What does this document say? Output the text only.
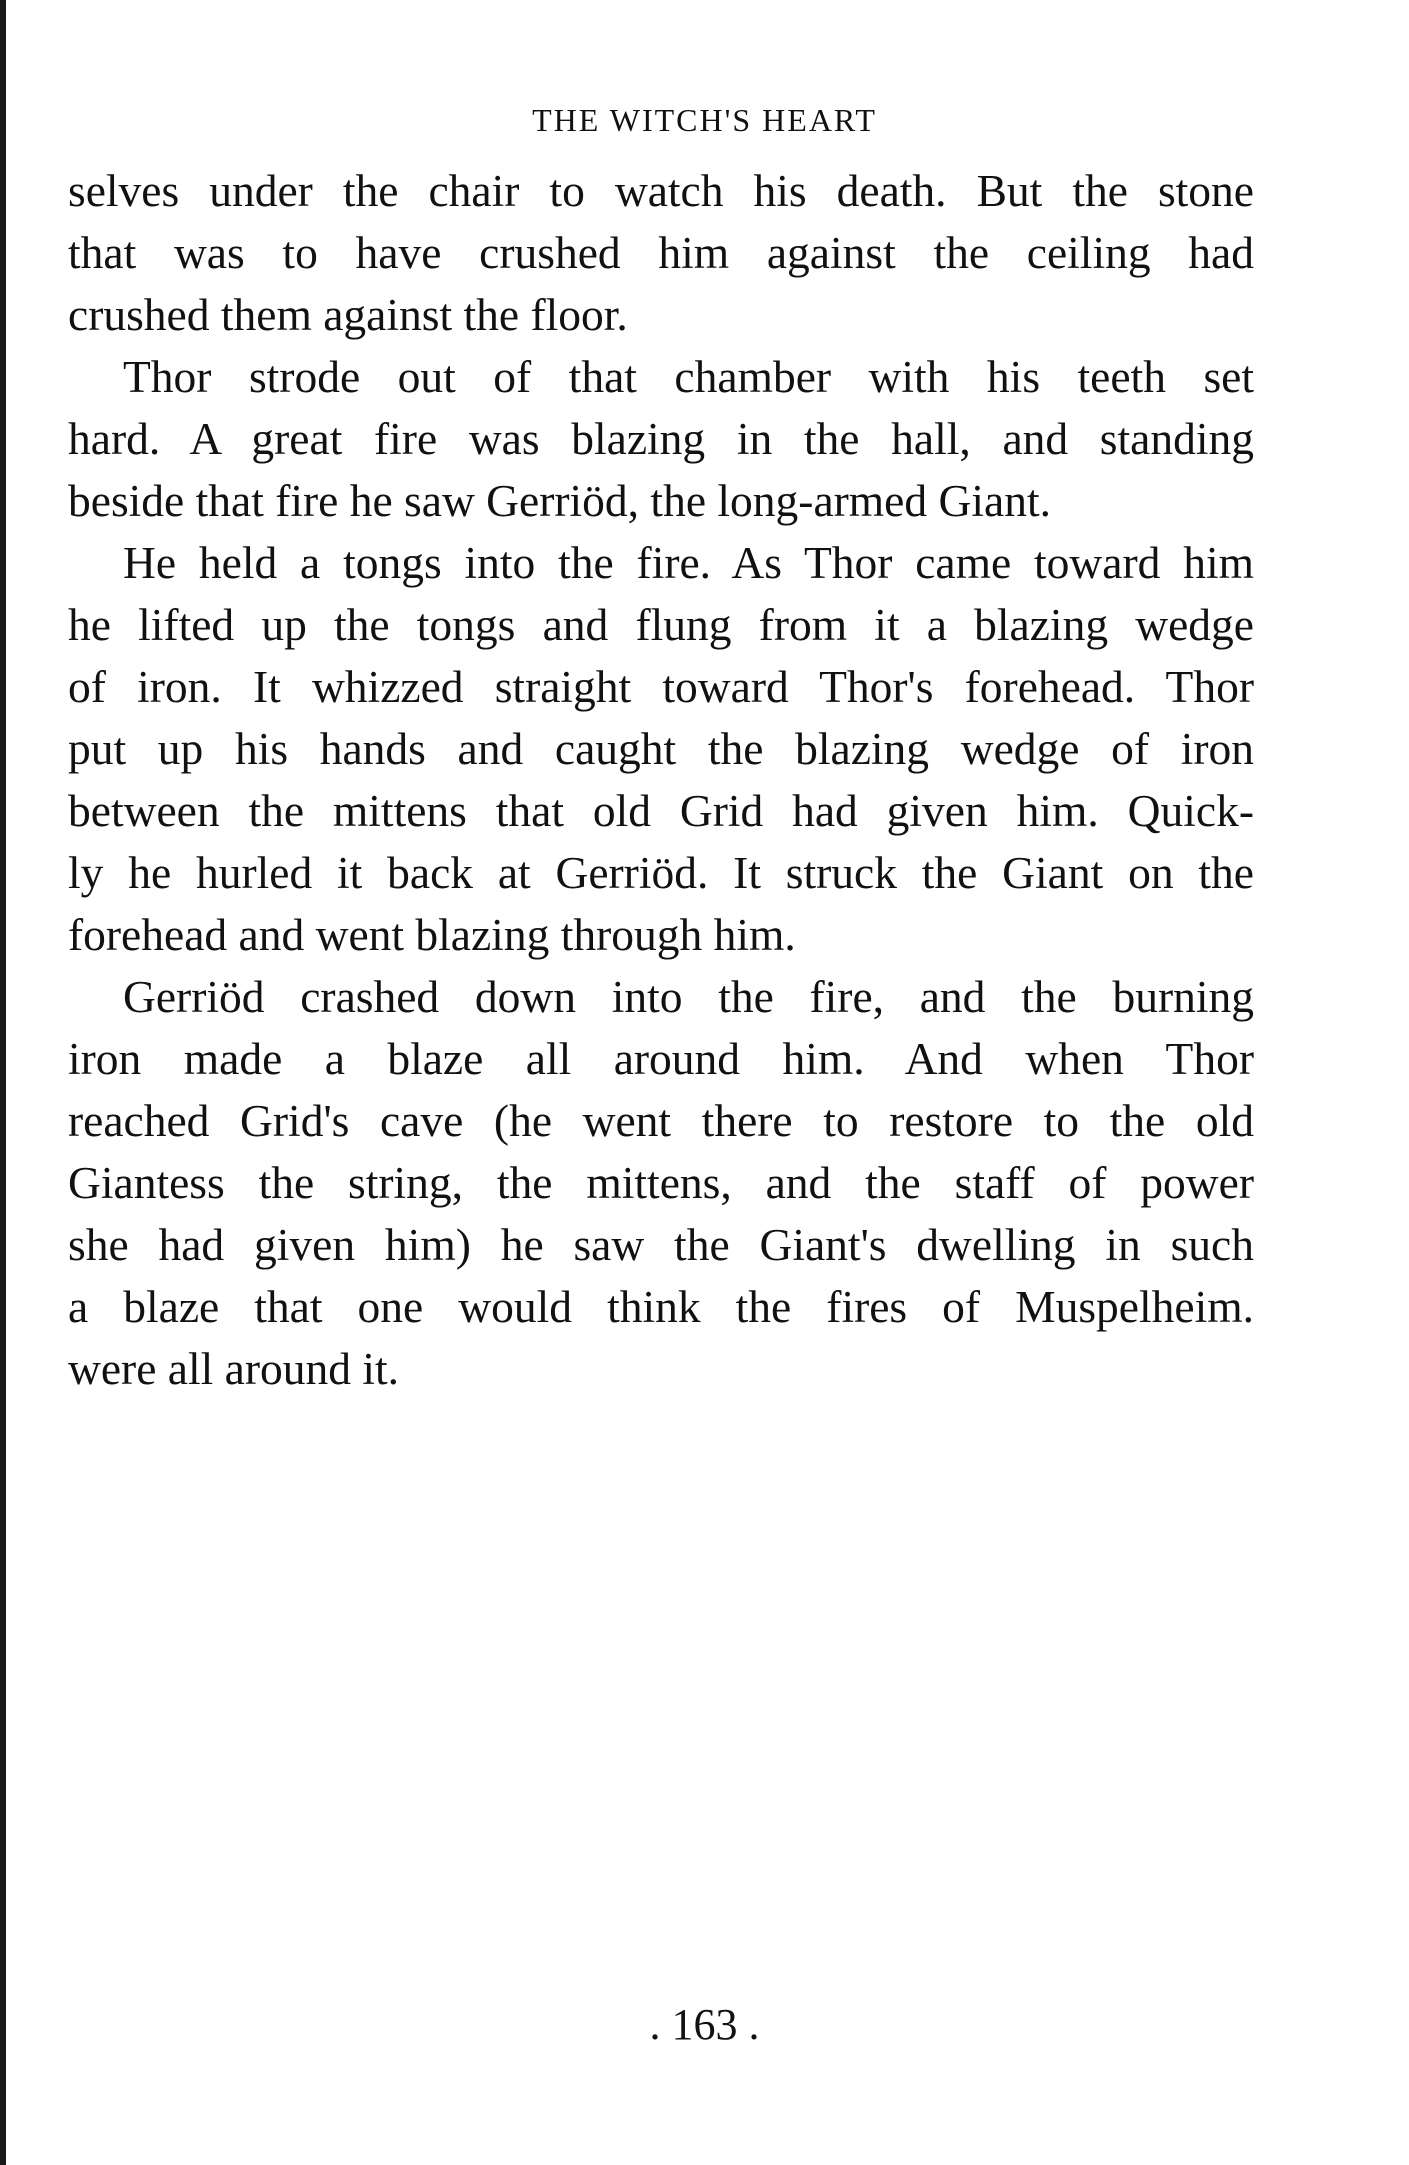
THE WITCH'S HEART
selves under the chair to watch his death. But the stone
that was to have crushed him against the ceiling had
crushed them against the floor.
Thor strode out of that chamber with his teeth set
hard. A great fire was blazing in the hall, and standing
beside that fire he saw Gerriöd, the long-armed Giant.
He held a tongs into the fire. As Thor came toward him
he lifted up the tongs and flung from it a blazing wedge
of iron. It whizzed straight toward Thor's forehead. Thor
put up his hands and caught the blazing wedge of iron
between the mittens that old Grid had given him. Quick-
ly he hurled it back at Gerriöd. It struck the Giant on the
forehead and went blazing through him.
Gerriöd crashed down into the fire, and the burning
iron made a blaze all around him. And when Thor
reached Grid's cave (he went there to restore to the old
Giantess the string, the mittens, and the staff of power
she had given him) he saw the Giant's dwelling in such
a blaze that one would think the fires of Muspelheim.
were all around it.
. 163 .
